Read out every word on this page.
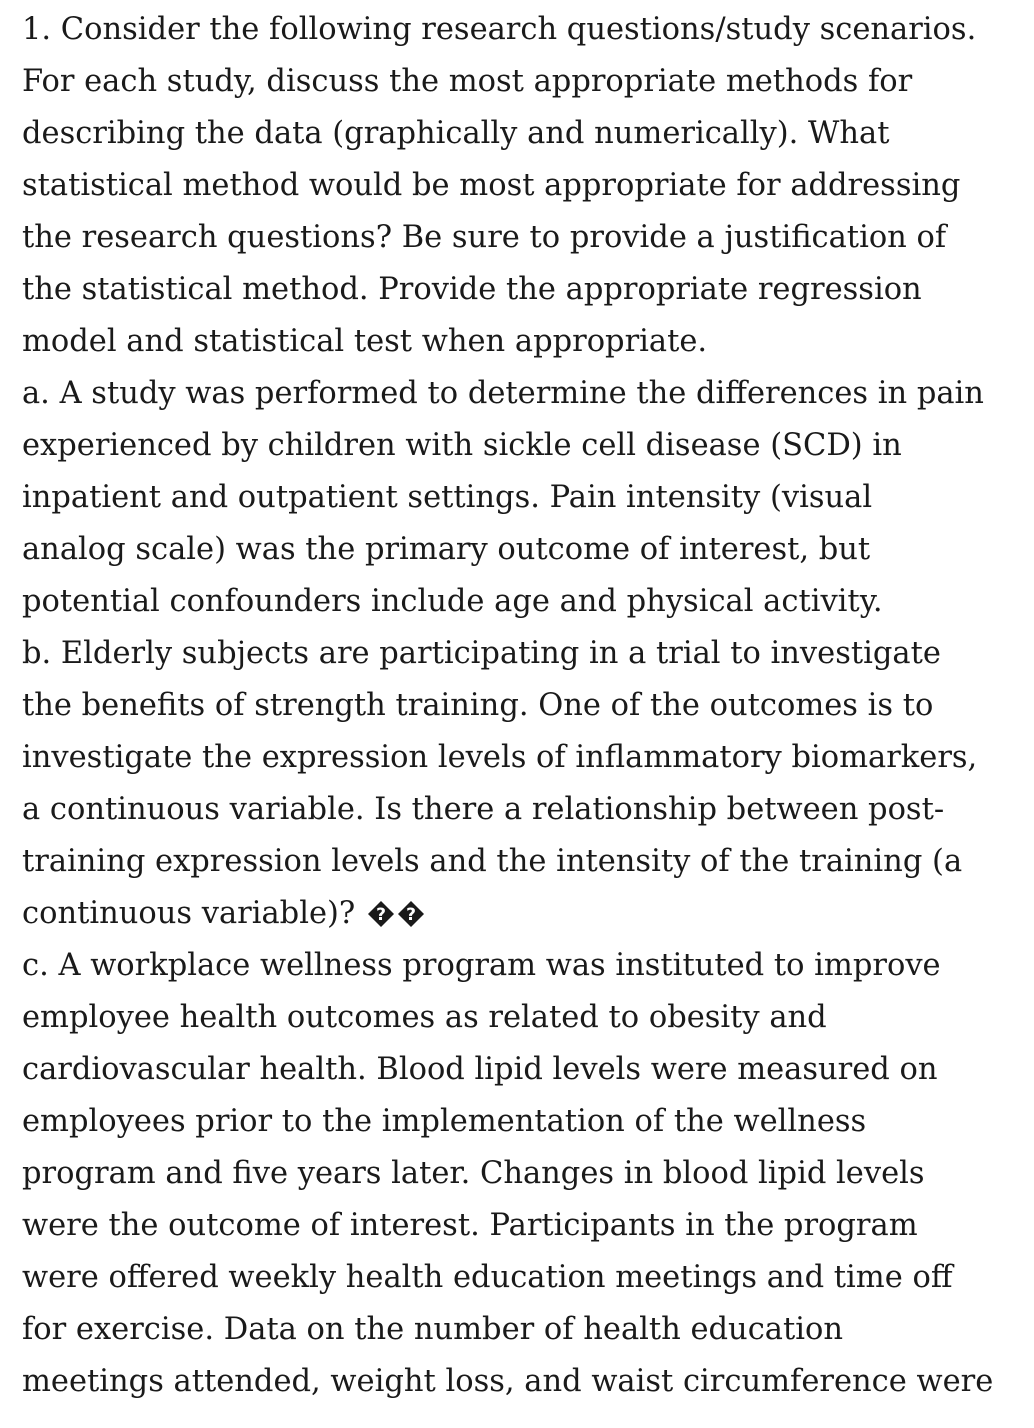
1. Consider the following research questions/study scenarios.
For each study, discuss the most appropriate methods for
describing the data (graphically and numerically). What
statistical method would be most appropriate for addressing
the research questions? Be sure to provide a justification of
the statistical method. Provide the appropriate regression
model and statistical test when appropriate.
a. A study was performed to determine the differences in pain
experienced by children with sickle cell disease (SCD) in
inpatient and outpatient settings. Pain intensity (visual
analog scale) was the primary outcome of interest, but
potential confounders include age and physical activity.
b. Elderly subjects are participating in a trial to investigate
the benefits of strength training. One of the outcomes is to
investigate the expression levels of inflammatory biomarkers,
a continuous variable. Is there a relationship between post-
training expression levels and the intensity of the training (a
continuous variable)? ? ?
c. A workplace wellness program was instituted to improve
employee health outcomes as related to obesity and
cardiovascular health. Blood lipid levels were measured on
employees prior to the implementation of the wellness
program and five years later. Changes in blood lipid levels
were the outcome of interest. Participants in the program
were offered weekly health education meetings and time off
for exercise. Data on the number of health education
meetings attended, weight loss, and waist circumference were
